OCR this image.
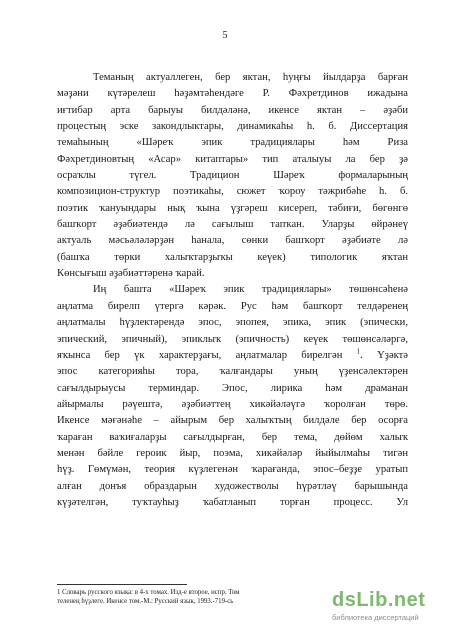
5

Теманың актуаллеген, бер яктан, һуңғы йылдарҙа барған
мәҙәни күтәрелеш һәҙәмтәһендәге Р. Фәхретдинов ижадына
иғтибар арта барыуы билдәләнә, икенсе яктан – әҙәби
процестың эске закондлыктары, динамикаһы һ. б. Диссертация
темаһының «Шәреҡ эпик традициялары һәм Риза
Фәхретдиновтың «Асар» китаптары» тип аталыуы ла бер ҙә
осраҡлы түгел. Традицион Шәреҡ формаларының
композицион-структур поэтикаһы, сюжет ҡороу тәжрибәһе һ. б.
поэтик ҡануындары нық ҡына үҙгәреш кисереп, тәбиғи, бөгөнгө
башҡорт әҙәбиәтендә лә сағылыш тапҡан. Уларҙы өйрәнеү
актуаль мәсьәләләрҙән һанала, сөнки башҡорт әҙәбиәте лә
(башҡа төрки халыҡтарҙыҡы кеүек) типологик яҡтан
Көнсығыш әҙәбиәттәренә ҡарай.

Иң башта «Шәреҡ эпик традициялары» төшөнсәһенә
аңлатма бирелп үтергә кәрәк. Рус һәм башҡорт телдәренең
аңлатмалы һүҙлектәрендә эпос, эпопея, эпика, эпик (эпически,
эпический, эпичный), эпиклыҡ (эпичность) кеүек төшөнсәләргә,
яҡынса бер үк характерҙағы, аңлатмалар бирелгән $^1$. Үҙәктә
эпос категорияһы тора, ҡалғандары уның үҙенсәлектәрен
сағылдырыусы терминдар. Эпос, лирика һәм драманан
айырмалы рәүештә, әҙәбиәттең хикәйәләүгә ҡоролған төрө.
Икенсе мәғәнәһе – айырым бер халыҡтың билдәле бер осорға
ҡараған ваҡиғаларҙы сағылдырған, бер тема, дөйөм халыҡ
менән бәйле героик йыр, поэма, хикәйәләр йыйылмаһы тигән
һүҙ. Гөмүмән, теория күҙлегенән ҡарағанда, эпос–беҙҙе уратып
алған донъя образдарын художестволы һүрәтләү барышында
күҙәтелгән, туҡтауһыҙ ҡабатланып торған процесс. Ул

1 Словарь русского языка: в 4-х томах. Изд-е второе, испр. Том
теленең һүҙлеге. Икенсе том.-М.: Русский язык, 1993.-719-сь	dsLib.net
библиотека диссертаций
